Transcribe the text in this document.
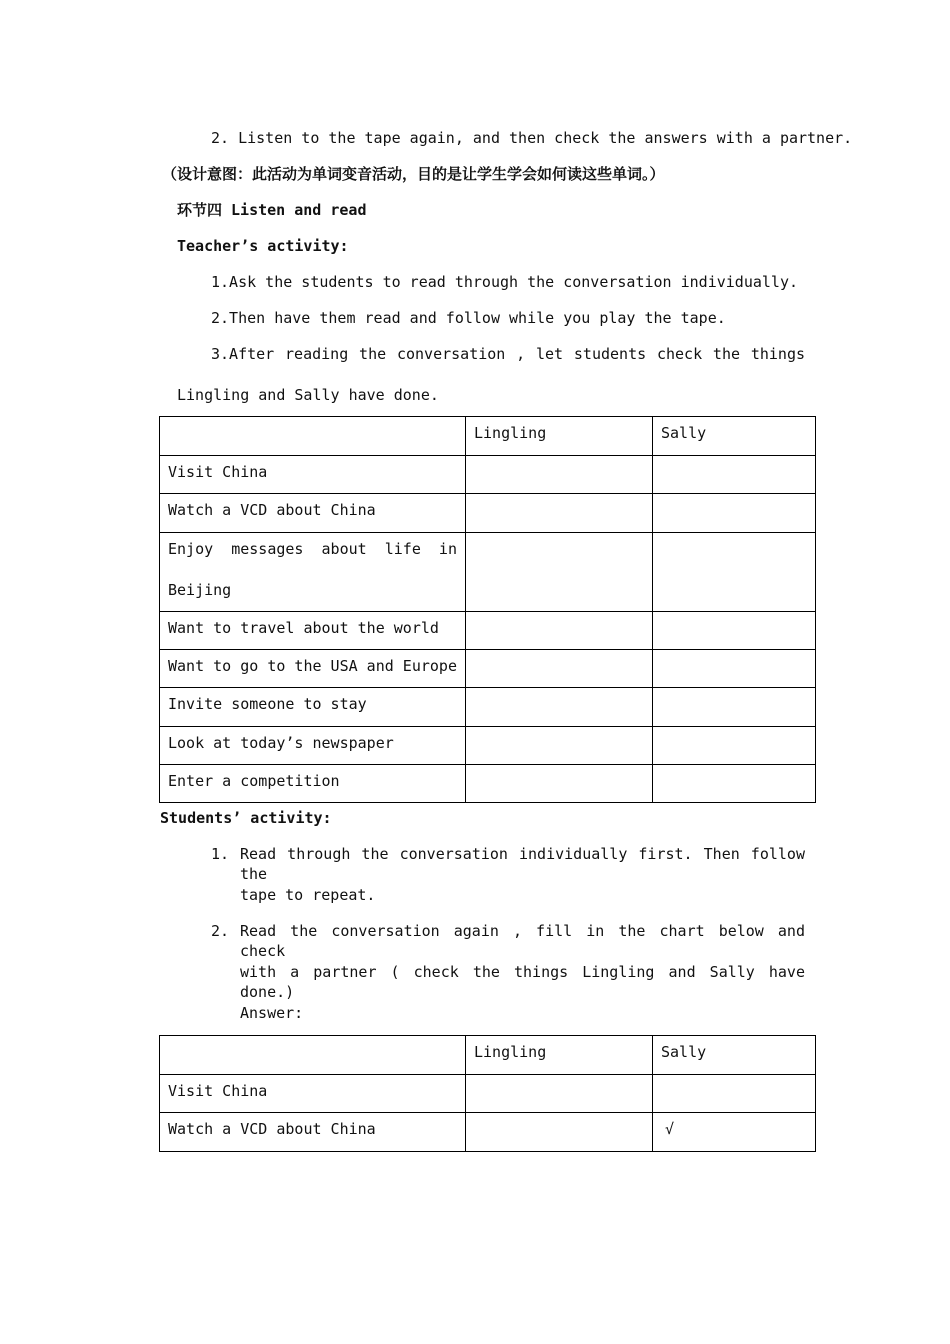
2. Listen to the tape again, and then check the answers with a partner.
（设计意图：此活动为单词变音活动，目的是让学生学会如何读这些单词。）
环节四 Listen and read
Teacher’s activity:
1.Ask the students to read through the conversation individually.
2.Then have them read and follow while you play the tape.
3.After reading the conversation , let students check the things
Lingling and Sally have done.
	Lingling	Sally
Visit China		
Watch a VCD about China		

Enjoy messages about life in
Beijing		

Want to travel about the world		
Want to go to the USA and Europe		
Invite someone to stay		
Look at today’s newspaper		
Enter a competition		
Students’ activity:
1. Read through the conversation individually first. Then follow the
tape to repeat.
2. Read the conversation again , fill in the chart below and check
with a partner ( check the things Lingling and Sally have done.)
Answer:
	Lingling	Sally
Visit China		
Watch a VCD about China		√
